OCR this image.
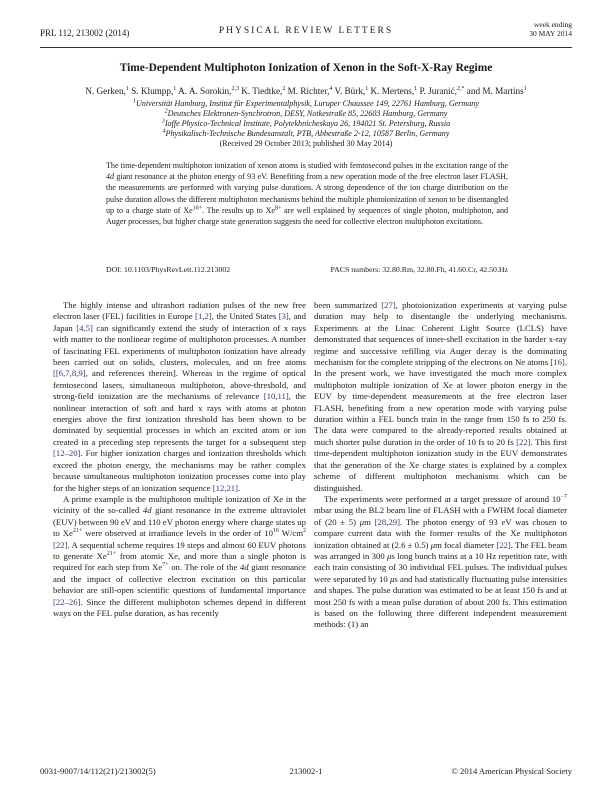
PRL 112, 213002 (2014)	PHYSICAL REVIEW LETTERS
week ending
30 MAY 2014
Time-Dependent Multiphoton Ionization of Xenon in the Soft-X-Ray Regime
N. Gerken,$^1$ S. Klumpp,$^1$ A. A. Sorokin,$^{2,3}$ K. Tiedtke,$^2$ M. Richter,$^4$ V. Bürk,$^1$ K. Mertens,$^1$ P. Juranić,$^{2,*}$ and M. Martins$^1$
$^1$Universität Hamburg, Institut für Experimentalphysik, Luruper Chaussee 149, 22761 Hamburg, Germany
$^2$Deutsches Elektronen-Synchrotron, DESY, Notkestraße 85, 22603 Hamburg, Germany
$^3$Ioffe Physico-Technical Institute, Polytekhnicheskaya 26, 194021 St. Petersburg, Russia
$^4$Physikalisch-Technische Bundesanstalt, PTB, Abbestraße 2-12, 10587 Berlin, Germany
(Received 29 October 2013; published 30 May 2014)
The time-dependent multiphoton ionization of xenon atoms is studied with femtosecond pulses in the excitation range of the 4d giant resonance at the photon energy of 93 eV. Benefiting from a new operation mode of the free electron laser FLASH, the measurements are performed with varying pulse durations. A strong dependence of the ion charge distribution on the pulse duration allows the different multiphoton mechanisms behind the multiple photoionization of xenon to be disentangled up to a charge state of $Xe^{10+}$. The results up to $Xe^{8+}$ are well explained by sequences of single photon, multiphoton, and Auger processes, but higher charge state generation suggests the need for collective electron multiphoton excitations.
DOI: 10.1103/PhysRevLett.112.213002	PACS numbers: 32.80.Rm, 32.80.Fh, 41.60.Cr, 42.50.Hz

The highly intense and ultrashort radiation pulses of the new free electron laser (FEL) facilities in Europe [1,2], the United States [3], and Japan [4,5] can significantly extend the study of interaction of x rays with matter to the nonlinear regime of multiphoton processes. A number of fascinating FEL experiments of multiphoton ionization have already been carried out on solids, clusters, molecules, and on free atoms [[6,7,8,9], and references therein]. Whereas in the regime of optical femtosecond lasers, simultaneous multiphoton, above-threshold, and strong-field ionization are the mechanisms of relevance [10,11], the nonlinear interaction of soft and hard x rays with atoms at photon energies above the first ionization threshold has been shown to be dominated by sequential processes in which an excited atom or ion created in a preceding step represents the target for a subsequent step [12–20]. For higher ionization charges and ionization thresholds which exceed the photon energy, the mechanisms may be rather complex because simultaneous multiphoton ionization processes come into play for the higher steps of an ionization sequence [12,21].

A prime example is the multiphoton multiple ionization of Xe in the vicinity of the so-called 4d giant resonance in the extreme ultraviolet (EUV) between 90 eV and 110 eV photon energy where charge states up to $Xe^{21+}$ were observed at irradiance levels in the order of $10^{16}$ $W/cm^2$ [22]. A sequential scheme requires 19 steps and almost 60 EUV photons to generate $Xe^{21+}$ from atomic Xe, and more than a single photon is required for each step from $Xe^{7+}$ on. The role of the 4d giant resonance and the impact of collective electron excitation on this particular behavior are still-open scientific questions of fundamental importance [22–26]. Since the different multiphoton schemes depend in different ways on the FEL pulse duration, as has recently

been summarized [27], photoionization experiments at varying pulse duration may help to disentangle the underlying mechanisms. Experiments at the Linac Coherent Light Source (LCLS) have demonstrated that sequences of inner-shell excitation in the harder x-ray regime and successive refilling via Auger decay is the dominating mechanism for the complete stripping of the electrons on Ne atoms [16]. In the present work, we have investigated the much more complex multiphoton multiple ionization of Xe at lower photon energy in the EUV by time-dependent measurements at the free electron laser FLASH, benefiting from a new operation mode with varying pulse duration within a FEL bunch train in the range from 150 fs to 250 fs. The data were compared to the already-reported results obtained at much shorter pulse duration in the order of 10 fs to 20 fs [22]. This first time-dependent multiphoton ionization study in the EUV demonstrates that the generation of the Xe charge states is explained by a complex scheme of different multiphoton mechanisms which can be distinguished.

The experiments were performed at a target pressure of around $10^{-7}$ mbar using the BL2 beam line of FLASH with a FWHM focal diameter of (20 ± 5) μm [28,29]. The photon energy of 93 eV was chosen to compare current data with the former results of the Xe multiphoton ionization obtained at (2.6 ± 0.5) μm focal diameter [22]. The FEL beam was arranged in 300 μs long bunch trains at a 10 Hz repetition rate, with each train consisting of 30 individual FEL pulses. The individual pulses were separated by 10 μs and had statistically fluctuating pulse intensities and shapes. The pulse duration was estimated to be at least 150 fs and at most 250 fs with a mean pulse duration of about 200 fs. This estimation is based on the following three different independent measurement methods: (1) an

0031-9007/14/112(21)/213002(5)	213002-1	© 2014 American Physical Society
